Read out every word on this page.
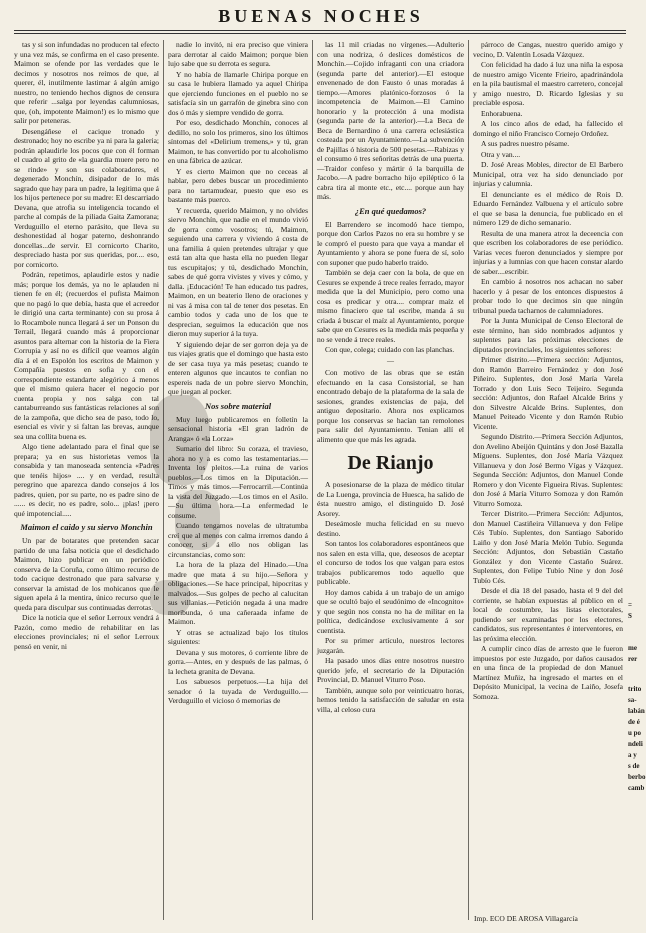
BUENAS NOCHES

tas y si son infundadas no producen tal efecto y una vez más, se confirma en el caso presente. Maimon se ofende por las verdades que le decimos y nosotros nos reímos de que, al querer, él, inutilmente lastimar á algún amigo nuestro, no teniendo hechos dignos de censura que referir ...salga por leyendas calumniosas, que, (oh, impotente Maimon!) es lo mismo que salir por peteneras.

Desengáñese el cacique tronado y destronado; hoy no escribe ya ni para la galeria; podrán aplaudirle los pocos que con él forman el cuadro al grito de «la guardia muere pero no se rinde» y son sus colaboradores, el degenerado Monchín, disipador de lo más sagrado que hay para un padre, la legitima que á los hijos pertenece por su madre: El descarriado Devana, que atrofia su inteligencia tocando el parche al compás de la piliada Gaita Zamorana; Verduguillo el eterno parásito, que lleva su deshonestidad al hogar paterno, deshonrando doncellas...de servir. El cornicorto Charito, despreciado hasta por sus queridas, por.... eso, por cornicorto.

Podrán, repetimos, aplaudirle estos y nadie más; porque los demás, ya no le aplauden ni tienen fe en él; (recuerdos el pufista Maimon que no pagó lo que debía, hasta que el acreedor le dirigió una carta terminante) con su prosa á lo Rocambole nunca llegará á ser un Ponson du Terrail, llegará cuando más á proporcionar asuntos para alternar con la historia de la Fiera Corrupia y así no es difícil que veamos algún día á el en Espolón los escritos de Maimon y Compañía puestos en sofia y con el correspondiente estandarte alegórico á menos que el mismo quiera hacer el negocio por cuenta propia y nos salga con tal cantaburreando sus fantásticas relaciones al son de la zampoña, que dicho sea de paso, todo lo, esencial es vivir y si faltan las brevas, aunque sea una collita buena es.

Algo tiene adelantado para el final que se prepara; ya en sus historietas vemos la consabida y tan manoseada sentencia «Padres que tenéis hijos» .... y en verdad, resulta peregrino que aparezca dando consejos á los padres, quien, por su parte, no es padre sino de ...... es decir, no es padre, solo... ¡plas! ¡pero qué impotencial.....

Maimon el caido y su siervo Monchin

Un par de botarates que pretenden sacar partido de una falsa noticia que el desdichado Maimon, hizo publicar en un periódico conserva de la Coruña, como último recurso de todo cacique destronado que para salvarse y conservar la amistad de los mohicanos que le siguen apela á la mentira, único recurso que le queda para disculpar sus continuadas derrotas.

Dice la noticia que el señor Lerroux vendrá á Pazón, como medio de rehabilitar en las elecciones provinciales; ni el señor Lerroux pensó en venir, ni

nadie lo invitó, ni era preciso que viniera para derrotar al caido Maimon; porque bien lujo sabe que su derrota es segura.

Y no había de llamarle Chiripa porque en su casa le hubiera llamado ya aquel Chiripa que ejerciendo funciones en el pueblo no se satisfacía sin un garrafón de ginebra sino con dos ó más y siempre vendido de gorra.

Por eso, desdichado Monchín, conoces al dedillo, no solo los primeros, sino los últimos síntomas del «Delirium tremens,» y tú, gran Maimon, te has convertido por tu alcoholismo en una fábrica de azúcar.

Y es cierto Maimon que no ceceas al hablar, pero debes buscar un procedimiento para no tartamudear, puesto que eso es bastante más puerco.

Y recuerda, querido Maimon, y no olvides siervo Monchín, que nadie en el mundo vivió de gorra como vosotros; tú, Maimon, seguiendo una carrera y viviendo á costa de una familia á quien pretendes ultrajar y que está tan alta que hasta ella no pueden llegar tus escupitajos; y tú, desdichado Monchín, sabes de qué gorra vivistes y vives y cómo, y dalla. ¡Educación! Te han educado tus padres, Maimon, en un beaterio lleno de oraciones y ni vas á misa con tal de tener dos pesetas. En cambio todos y cada uno de los que te desprecian, seguimos la educación que nos dieron muy superior á la tuya.

Y siguiendo dejar de ser gorron deja ya de tus viajes gratis que el domingo que hasta esto de ser casa tuya ya más pesetas; cuando te enteren algunos que incautos te confian no espereis nada de un pobre siervo Monchin, que juegan al pocker.

Nos sobre material

Muy luego publicaremos en folletín la sensacional historia «El gran ladrón de Aranga» ó «la Lorza»

Sumario del libro: Su coraza, el travieso, ahora no y a es como las testamentarias.—Inventa los pleitos.—La ruina de varios pueblos.—Los timos en la Diputación.—Timos y más timos.—Ferrocarril.—Continúa la vista del Juzgado.—Los timos en el Asilo.—Su última hora.—La enfermedad le consume.

Cuando tengamos novelas de ultratumba creí que al menos con calma irremos dando á conocer, si á ello nos obligan las circunstancias, como son:

La hora de la plaza del Hinado.—Una madre que mata á su hijo.—Señora y obligaciones.—Se hace principal, hipocritas y malvados.—Sus golpes de pecho al calucitan sus villanias.—Petición negada á una madre moribunda, ó una cañeraada infame de Maimon.

Y otras se actualizad bajo los títulos siguientes:

Devana y sus motores, ó corriente libre de gorra.—Antes, en y después de las palmas, ó la lecheta granita de Devana.

Los sabuesos perpetuos.—La hija del senador ó la tuyada de Verduguillo.—Verduguillo el vicioso ó memorias de

las 11 mil criadas no vírgenes.—Adulterio con una nodriza, ó deslices domésticos de Monchín.—Cojido infraganti con una criadora (segunda parte del anterior).—El estoque envenenado de don Fausto ó unas moradas á tiempo.—Amores platónico-forzosos ó la incompetencia de Maimon.—El Camino honorario y la protección á una modista (segunda parte de la anterior).—La Beca de Beca de Bernardino ó una carrera eclesiástica costeada por un Ayuntamiento.—La subvención de Pajillas ó historia de 500 pesetas.—Rabizas y el consumo ó tres señoritas detrás de una puerta.—Traidor confeso y mártir ó la barquilla de Jacobo.—A padre borracho hijo epiléptico ó la cabra tira al monte etc., etc.... porque aun hay más.

¿En qué quedamos?

El Barrendero se incomodó hace tiempo, porque don Carlos Pazos no era su hombre y se le compró el puesto para que vaya a mandar el Ayuntamiento y ahora se pone fuera de sí, solo con suponer que pudo haberlo traido.

También se deja caer con la bola, de que en Cesures se expende á trece reales ferrado, mayor medida que la del Municipio, pero como una cosa es predicar y otra.... comprar maíz el mismo finaciero que tal escribe, manda á su criada á buscar el maíz al Ayuntamiento, porque sabe que en Cesures es la medida más pequeña y no se vende á trece reales.

Con que, colega; cuidado con las planchas.

—

Con motivo de las obras que se están efectuando en la casa Consistorial, se han encontrado debajo de la plataforma de la sala de sesiones, grandes existencias de paja, del antiguo depositario. Ahora nos explicamos porque los conservas se hacían tan remolones para salir del Ayuntamiento. Tenian allí el alimento que que más les agrada.

De Rianjo

A posesionarse de la plaza de médico titular de La Luenga, provincia de Huesca, ha salido de ésta nuestro amigo, el distinguido D. José Asorey.

Deseámosle mucha felicidad en su nuevo destino.

Son tantos los colaboradores espontáneos que nos salen en esta villa, que, deseosos de aceptar el concurso de todos los que valgan para estos trabajos publicaremos todo aquello que publicable.

Hoy damos cabida á un trabajo de un amigo que se ocultó bajo el seudónimo de «Incognito» y que según nos consta no ha de militar en la política, dedicándose exclusivamente á sor cuentista.

Por su primer artículo, nuestros lectores juzgarán.

Ha pasado unos días entre nosotros nuestro querido jefe, el secretario de la Diputación Provincial, D. Manuel Viturro Poso.

También, aunque solo por veinticuatro horas, hemos tenido la satisfacción de saludar en esta villa, al celoso cura

párroco de Cangas, nuestro querido amigo y vecino, D. Valentín Losada Vázquez.

Con felicidad ha dado á luz una niña la esposa de nuestro amigo Vicente Frieiro, apadrinándola en la pila bautismal el maestro carretero, concejal y amigo nuestro, D. Ricardo Iglesias y su preciable esposa.

Enhorabuena.

A los cinco años de edad, ha fallecido el domingo el niño Francisco Cornejo Ordoñez.

A sus padres nuestro pésame.

Otra y van....

D. José Areas Mobles, director de El Barbero Municipal, otra vez ha sido denunciado por injurias y calumnia.

El denunciante es el médico de Rois D. Eduardo Fernández Valbuena y el artículo sobre el que se basa la denuncia, fue publicado en el número 129 de dicho semanario.

Resulta de una manera atroz la deceencia con que escriben los colaboradores de ese periódico. Varias veces fueron denunciados y siempre por injurias y a lumnias con que hacen constar alardo de saber....escribir.

En cambio á nosotros nos achacan no saber hacerlo y á pesar de los entonces dispuestos á probar todo lo que decimos sin que ningún tribunal pueda tacharnos de calumniadores.

Por la Junta Municipal de Censo Electoral de este término, han sido nombrados adjuntos y suplentes para las próximas elecciones de diputados provinciales, los siguientes señores:

Primer distrito.—Primera sección: Adjuntos, don Ramón Barreiro Fernández y don José Piñeiro. Suplentes, don José María Varela Torrado y don Luis Seco Teijeiro. Segunda sección: Adjuntos, don Rafael Alcalde Brins y don Silvestre Alcalde Brins. Suplentes, don Manuel Peiteado Vicente y don Ramón Rubio Vicente.

Segundo Distrito.—Primera Sección Adjuntos, don Avelino Abeijón Quintáns y don José Bazalla Míguens. Suplentes, don José María Vázquez Villanueva y don José Bermo Vígas y Vázquez. Segunda Sección: Adjuntos, don Manuel Conde Romero y don Vicente Figueira Rivas. Suplentes: don José á María Viturro Somoza y don Ramón Viturro Somoza.

Tercer Distrito.—Primera Sección: Adjuntos, don Manuel Castiñeira Villanueva y don Felipe Cés Tubío. Suplentes, don Santiago Saborido Laiño y don José María Melón Tubío. Segunda Sección: Adjuntos, don Sebastián Castaño González y don Vicente Castaño Suárez. Suplentes, don Felipe Tubío Nine y don José Tubío Cés.

Desde el día 18 del pasado, hasta el 9 del del corriente, se habían expuestas al público en el local de costumbre, las listas electorales, pudiendo ser examinadas por los electores, candidatos, sus representantes é interventores, en las próxima elección.

A cumplir cinco días de arresto que le fueron impuestos por este Juzgado, por daños causados en una finca de la propiedad de don Manuel Martínez Muñiz, ha ingresado el martes en el Depósito Municipal, la vecina de Laiño, Josefa Somoza.

=
S
me
rer
trito
sa-
labán
de é
u po
ndeli
a y
s de
berbo
camb
Imp. ECO DE AROSA Villagarcía
